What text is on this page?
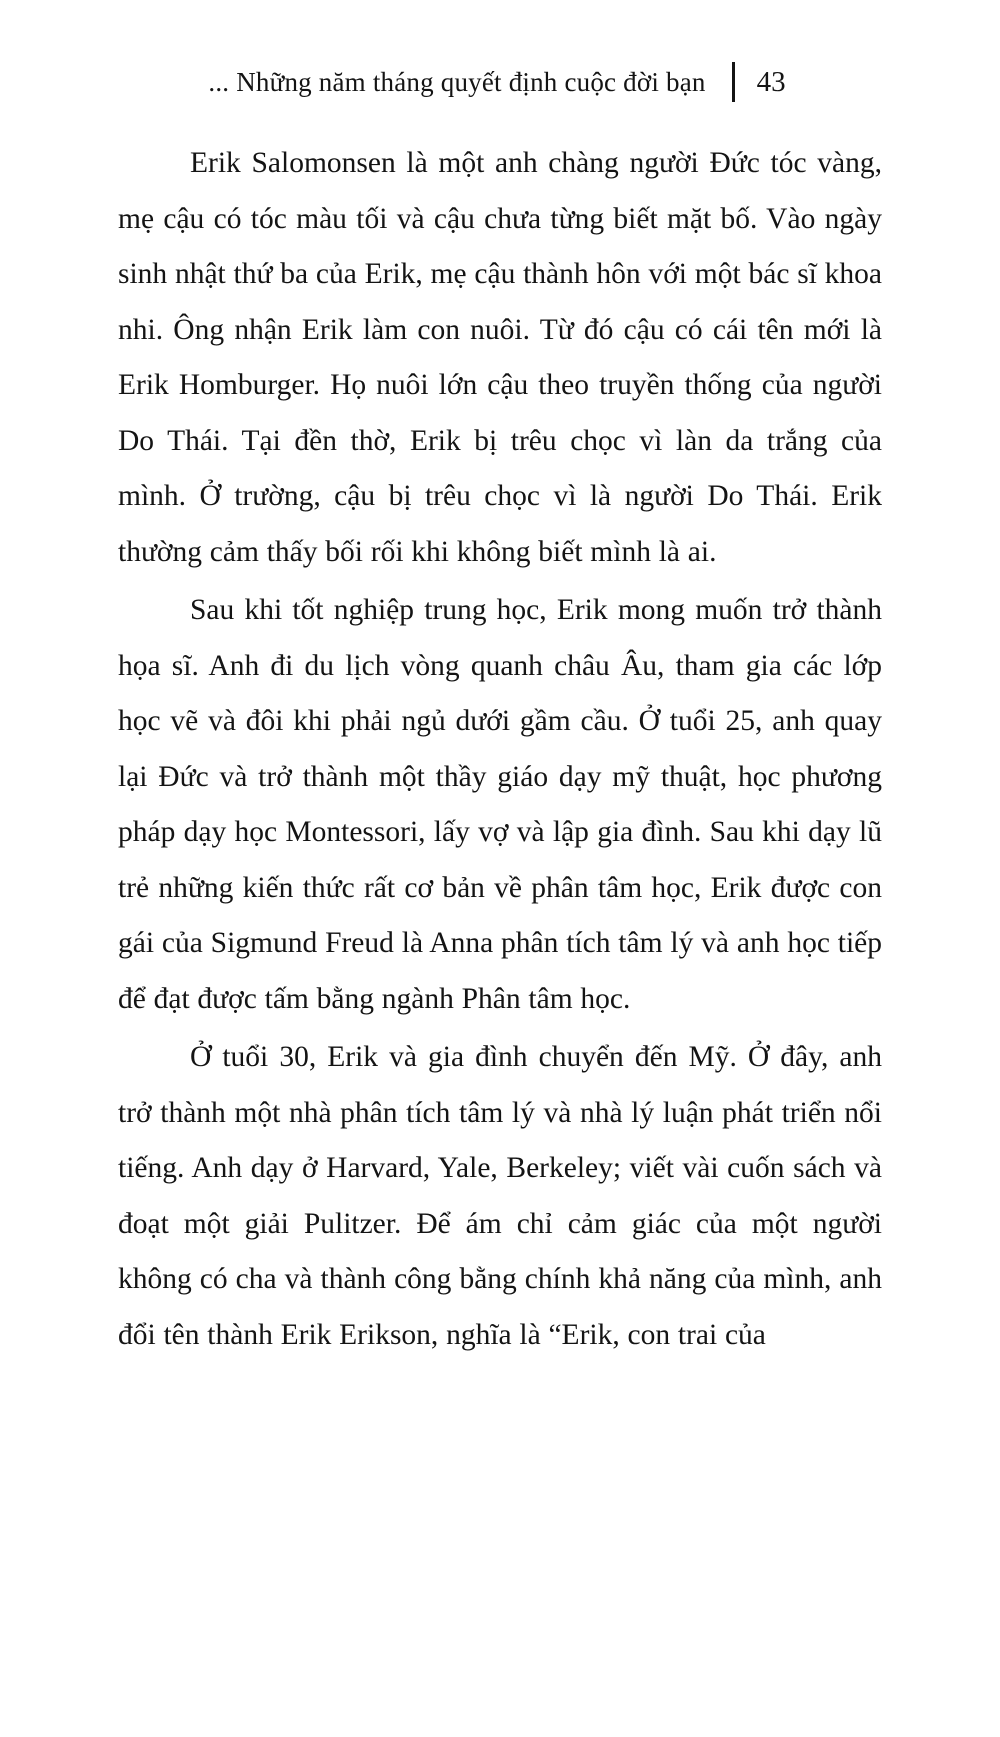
... Những năm tháng quyết định cuộc đời bạn 43

Erik Salomonsen là một anh chàng người Đức tóc vàng, mẹ cậu có tóc màu tối và cậu chưa từng biết mặt bố. Vào ngày sinh nhật thứ ba của Erik, mẹ cậu thành hôn với một bác sĩ khoa nhi. Ông nhận Erik làm con nuôi. Từ đó cậu có cái tên mới là Erik Homburger. Họ nuôi lớn cậu theo truyền thống của người Do Thái. Tại đền thờ, Erik bị trêu chọc vì làn da trắng của mình. Ở trường, cậu bị trêu chọc vì là người Do Thái. Erik thường cảm thấy bối rối khi không biết mình là ai.

Sau khi tốt nghiệp trung học, Erik mong muốn trở thành họa sĩ. Anh đi du lịch vòng quanh châu Âu, tham gia các lớp học vẽ và đôi khi phải ngủ dưới gầm cầu. Ở tuổi 25, anh quay lại Đức và trở thành một thầy giáo dạy mỹ thuật, học phương pháp dạy học Montessori, lấy vợ và lập gia đình. Sau khi dạy lũ trẻ những kiến thức rất cơ bản về phân tâm học, Erik được con gái của Sigmund Freud là Anna phân tích tâm lý và anh học tiếp để đạt được tấm bằng ngành Phân tâm học.

Ở tuổi 30, Erik và gia đình chuyển đến Mỹ. Ở đây, anh trở thành một nhà phân tích tâm lý và nhà lý luận phát triển nổi tiếng. Anh dạy ở Harvard, Yale, Berkeley; viết vài cuốn sách và đoạt một giải Pulitzer. Để ám chỉ cảm giác của một người không có cha và thành công bằng chính khả năng của mình, anh đổi tên thành Erik Erikson, nghĩa là “Erik, con trai của
